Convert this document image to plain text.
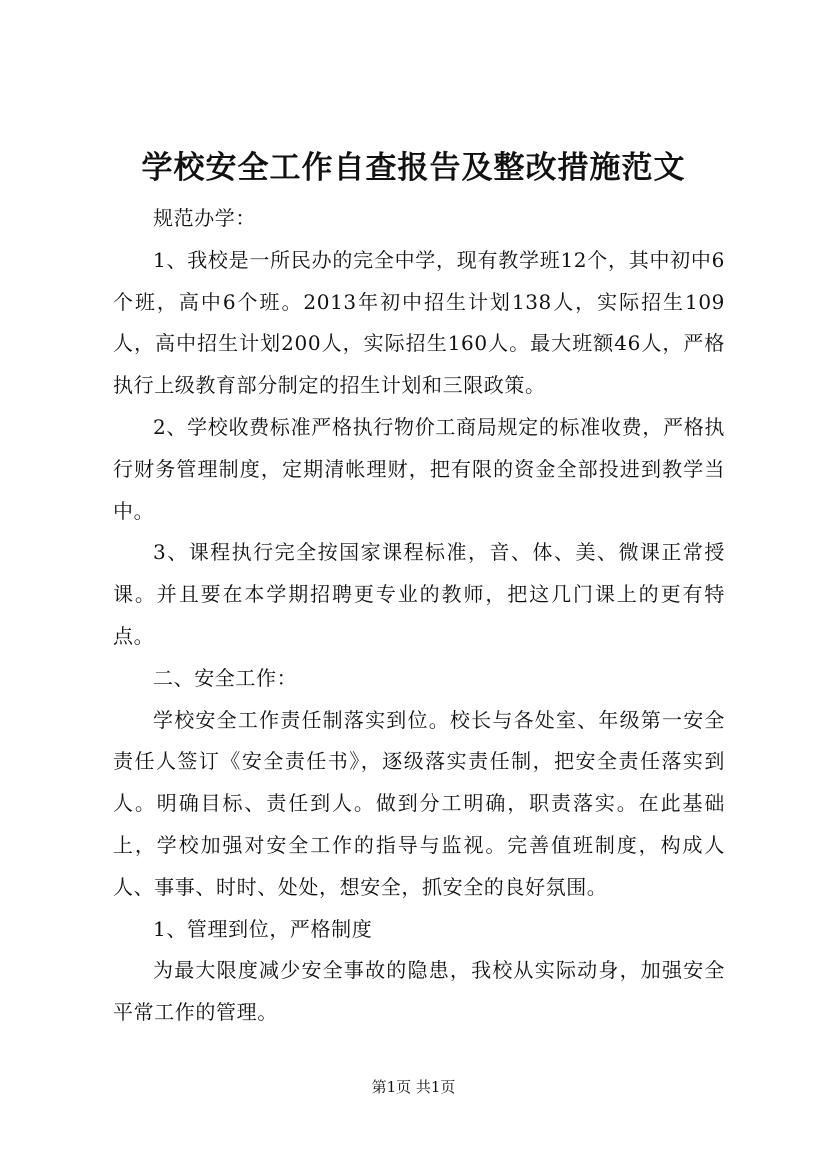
学校安全工作自查报告及整改措施范文

规范办学：

1、我校是一所民办的完全中学，现有教学班12个，其中初中6个班，高中6个班。2013年初中招生计划138人，实际招生109人，高中招生计划200人，实际招生160人。最大班额46人，严格执行上级教育部分制定的招生计划和三限政策。

2、学校收费标准严格执行物价工商局规定的标准收费，严格执行财务管理制度，定期清帐理财，把有限的资金全部投进到教学当中。

3、课程执行完全按国家课程标准，音、体、美、微课正常授课。并且要在本学期招聘更专业的教师，把这几门课上的更有特点。

二、安全工作：

学校安全工作责任制落实到位。校长与各处室、年级第一安全责任人签订《安全责任书》，逐级落实责任制，把安全责任落实到人。明确目标、责任到人。做到分工明确，职责落实。在此基础上，学校加强对安全工作的指导与监视。完善值班制度，构成人人、事事、时时、处处，想安全，抓安全的良好氛围。

1、管理到位，严格制度

为最大限度减少安全事故的隐患，我校从实际动身，加强安全平常工作的管理。

第1页 共1页
